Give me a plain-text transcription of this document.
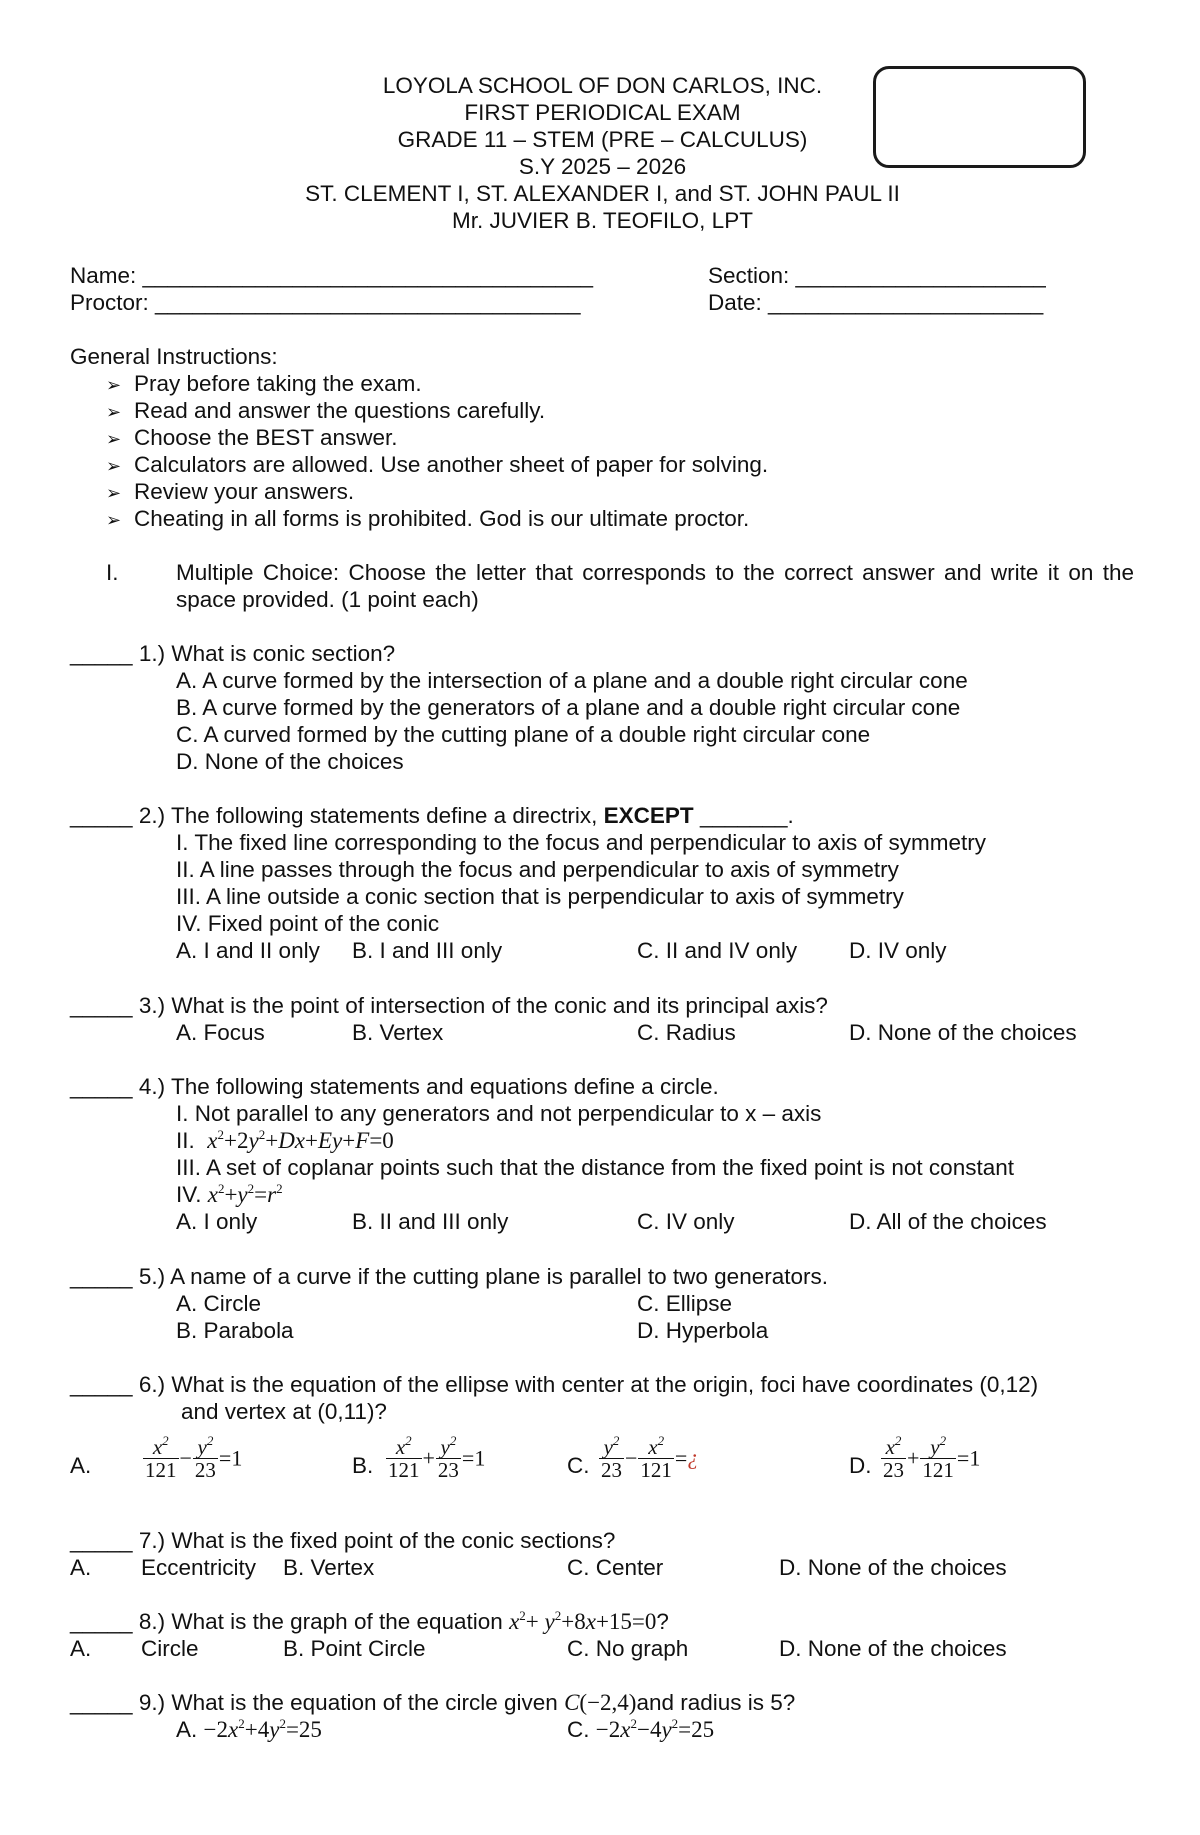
LOYOLA SCHOOL OF DON CARLOS, INC.
FIRST PERIODICAL EXAM
GRADE 11 – STEM (PRE – CALCULUS)
S.Y 2025 – 2026
ST. CLEMENT I, ST. ALEXANDER I, and ST. JOHN PAUL II
Mr. JUVIER B. TEOFILO, LPT
Name: ____________________________________	Section: ____________________
Proctor: __________________________________	Date: ______________________
General Instructions:
➢ Pray before taking the exam.
➢ Read and answer the questions carefully.
➢ Choose the BEST answer.
➢ Calculators are allowed. Use another sheet of paper for solving.
➢ Review your answers.
➢ Cheating in all forms is prohibited. God is our ultimate proctor.
I.	Multiple Choice: Choose the letter that corresponds to the correct answer and write it on the space provided. (1 point each)
_____ 1.) What is conic section?
A. A curve formed by the intersection of a plane and a double right circular cone
B. A curve formed by the generators of a plane and a double right circular cone
C. A curved formed by the cutting plane of a double right circular cone
D. None of the choices
_____ 2.) The following statements define a directrix, EXCEPT _______.
I. The fixed line corresponding to the focus and perpendicular to axis of symmetry
II. A line passes through the focus and perpendicular to axis of symmetry
III. A line outside a conic section that is perpendicular to axis of symmetry
IV. Fixed point of the conic
A. I and II only B. I and III only	C. II and IV only D. IV only
_____ 3.) What is the point of intersection of the conic and its principal axis?
A. Focus	B. Vertex	C. Radius	D. None of the choices
_____ 4.) The following statements and equations define a circle.
I. Not parallel to any generators and not perpendicular to x – axis
II. $x^2+2y^2+Dx+Ey+F=0$
III. A set of coplanar points such that the distance from the fixed point is not constant
IV. $x^2+y^2=r^2$
A. I only	B. II and III only	C. IV only	D. All of the choices
_____ 5.) A name of a curve if the cutting plane is parallel to two generators.
A. Circle	C. Ellipse
B. Parabola	D. Hyperbola
_____ 6.) What is the equation of the ellipse with center at the origin, foci have coordinates (0,12)
and vertex at (0,11)?
A. $\frac{x^2}{121} - \frac{y^2}{23} =1$	B. $\frac{x^2}{121} + \frac{y^2}{23} =1$	C. $\frac{y^2}{23} - \frac{x^2}{121}$ =¿	D. $\frac{x^2}{23} + \frac{y^2}{121} =1$
_____ 7.) What is the fixed point of the conic sections?
A. Eccentricity B. Vertex	C. Center	D. None of the choices
_____ 8.) What is the graph of the equation $x^2+ y^2+8x+15=0$?
A. Circle	B. Point Circle	C. No graph	D. None of the choices
_____ 9.) What is the equation of the circle given C(−2,4)and radius is 5?
A. $-2x^2+4y^2=25$	C. $-2x^2-4y^2=25$
